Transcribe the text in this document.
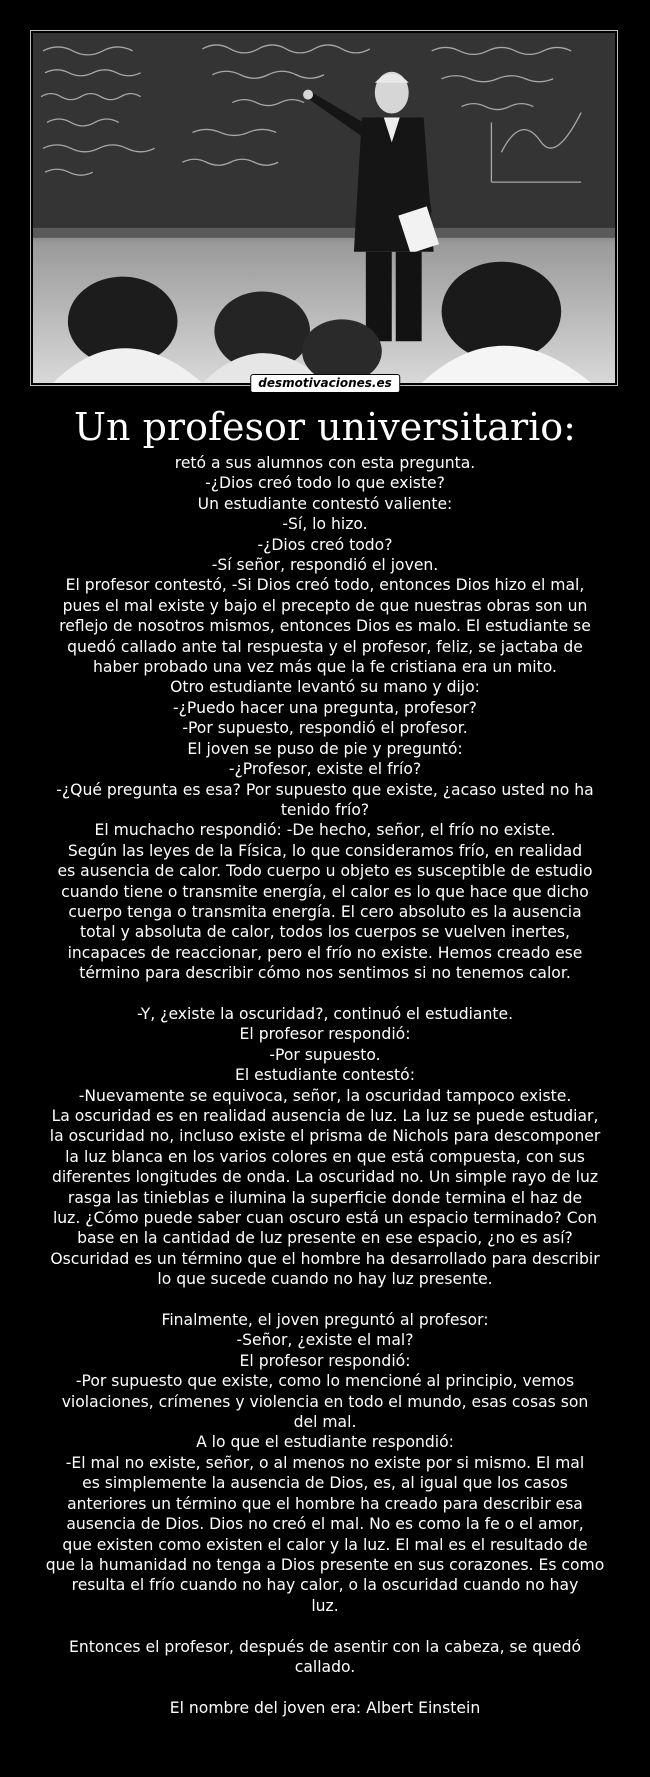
desmotivaciones.es
Un profesor universitario:
retó a sus alumnos con esta pregunta.
-¿Dios creó todo lo que existe?
Un estudiante contestó valiente:
-Sí, lo hizo.
-¿Dios creó todo?
-Sí señor, respondió el joven.
El profesor contestó, -Si Dios creó todo, entonces Dios hizo el mal,
pues el mal existe y bajo el precepto de que nuestras obras son un
reflejo de nosotros mismos, entonces Dios es malo. El estudiante se
quedó callado ante tal respuesta y el profesor, feliz, se jactaba de
haber probado una vez más que la fe cristiana era un mito.
Otro estudiante levantó su mano y dijo:
-¿Puedo hacer una pregunta, profesor?
-Por supuesto, respondió el profesor.
El joven se puso de pie y preguntó:
-¿Profesor, existe el frío?
-¿Qué pregunta es esa? Por supuesto que existe, ¿acaso usted no ha
tenido frío?
El muchacho respondió: -De hecho, señor, el frío no existe.
Según las leyes de la Física, lo que consideramos frío, en realidad
es ausencia de calor. Todo cuerpo u objeto es susceptible de estudio
cuando tiene o transmite energía, el calor es lo que hace que dicho
cuerpo tenga o transmita energía. El cero absoluto es la ausencia
total y absoluta de calor, todos los cuerpos se vuelven inertes,
incapaces de reaccionar, pero el frío no existe. Hemos creado ese
término para describir cómo nos sentimos si no tenemos calor.
-Y, ¿existe la oscuridad?, continuó el estudiante.
El profesor respondió:
-Por supuesto.
El estudiante contestó:
-Nuevamente se equivoca, señor, la oscuridad tampoco existe.
La oscuridad es en realidad ausencia de luz. La luz se puede estudiar,
la oscuridad no, incluso existe el prisma de Nichols para descomponer
la luz blanca en los varios colores en que está compuesta, con sus
diferentes longitudes de onda. La oscuridad no. Un simple rayo de luz
rasga las tinieblas e ilumina la superficie donde termina el haz de
luz. ¿Cómo puede saber cuan oscuro está un espacio terminado? Con
base en la cantidad de luz presente en ese espacio, ¿no es así?
Oscuridad es un término que el hombre ha desarrollado para describir
lo que sucede cuando no hay luz presente.
Finalmente, el joven preguntó al profesor:
-Señor, ¿existe el mal?
El profesor respondió:
-Por supuesto que existe, como lo mencioné al principio, vemos
violaciones, crímenes y violencia en todo el mundo, esas cosas son
del mal.
A lo que el estudiante respondió:
-El mal no existe, señor, o al menos no existe por si mismo. El mal
es simplemente la ausencia de Dios, es, al igual que los casos
anteriores un término que el hombre ha creado para describir esa
ausencia de Dios. Dios no creó el mal. No es como la fe o el amor,
que existen como existen el calor y la luz. El mal es el resultado de
que la humanidad no tenga a Dios presente en sus corazones. Es como
resulta el frío cuando no hay calor, o la oscuridad cuando no hay
luz.
Entonces el profesor, después de asentir con la cabeza, se quedó
callado.
El nombre del joven era: Albert Einstein
